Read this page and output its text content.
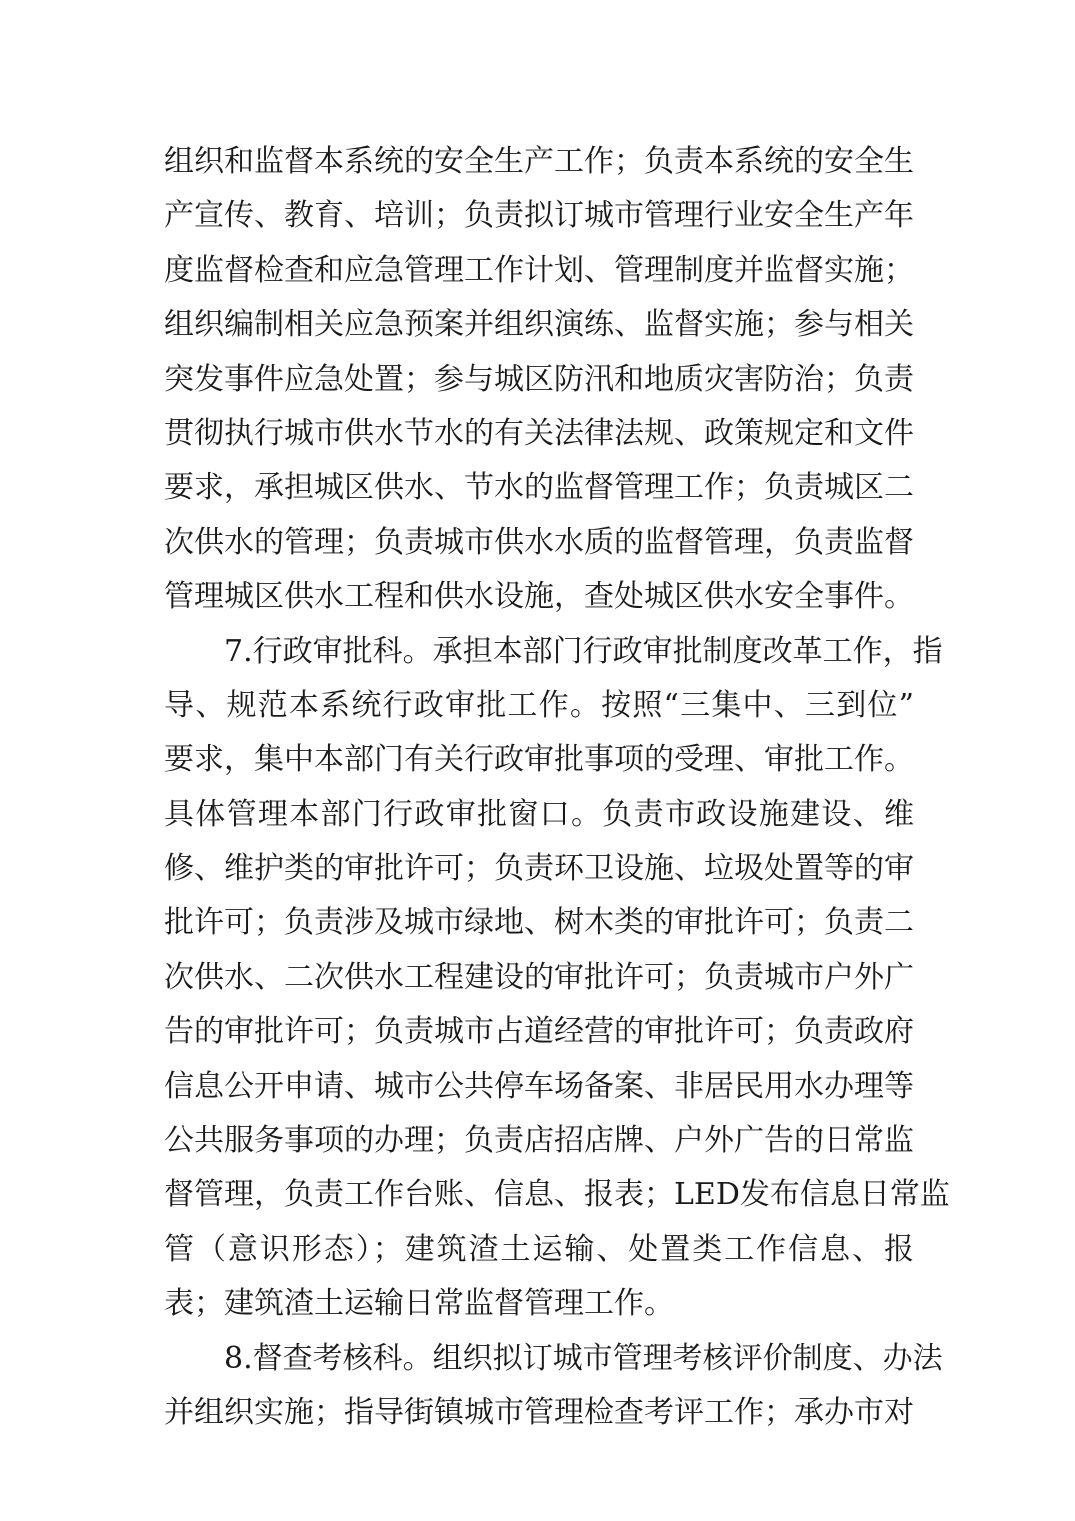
组织和监督本系统的安全生产工作；负责本系统的安全生
产宣传、教育、培训；负责拟订城市管理行业安全生产年
度监督检查和应急管理工作计划、管理制度并监督实施；
组织编制相关应急预案并组织演练、监督实施；参与相关
突发事件应急处置；参与城区防汛和地质灾害防治；负责
贯彻执行城市供水节水的有关法律法规、政策规定和文件
要求，承担城区供水、节水的监督管理工作；负责城区二
次供水的管理；负责城市供水水质的监督管理，负责监督
管理城区供水工程和供水设施，查处城区供水安全事件。
7.行政审批科。承担本部门行政审批制度改革工作，指
导、规范本系统行政审批工作。按照“三集中、三到位”
要求，集中本部门有关行政审批事项的受理、审批工作。
具体管理本部门行政审批窗口。负责市政设施建设、维
修、维护类的审批许可；负责环卫设施、垃圾处置等的审
批许可；负责涉及城市绿地、树木类的审批许可；负责二
次供水、二次供水工程建设的审批许可；负责城市户外广
告的审批许可；负责城市占道经营的审批许可；负责政府
信息公开申请、城市公共停车场备案、非居民用水办理等
公共服务事项的办理；负责店招店牌、户外广告的日常监
督管理，负责工作台账、信息、报表；LED发布信息日常监
管（意识形态）；建筑渣土运输、处置类工作信息、报
表；建筑渣土运输日常监督管理工作。
8.督查考核科。组织拟订城市管理考核评价制度、办法
并组织实施；指导街镇城市管理检查考评工作；承办市对
